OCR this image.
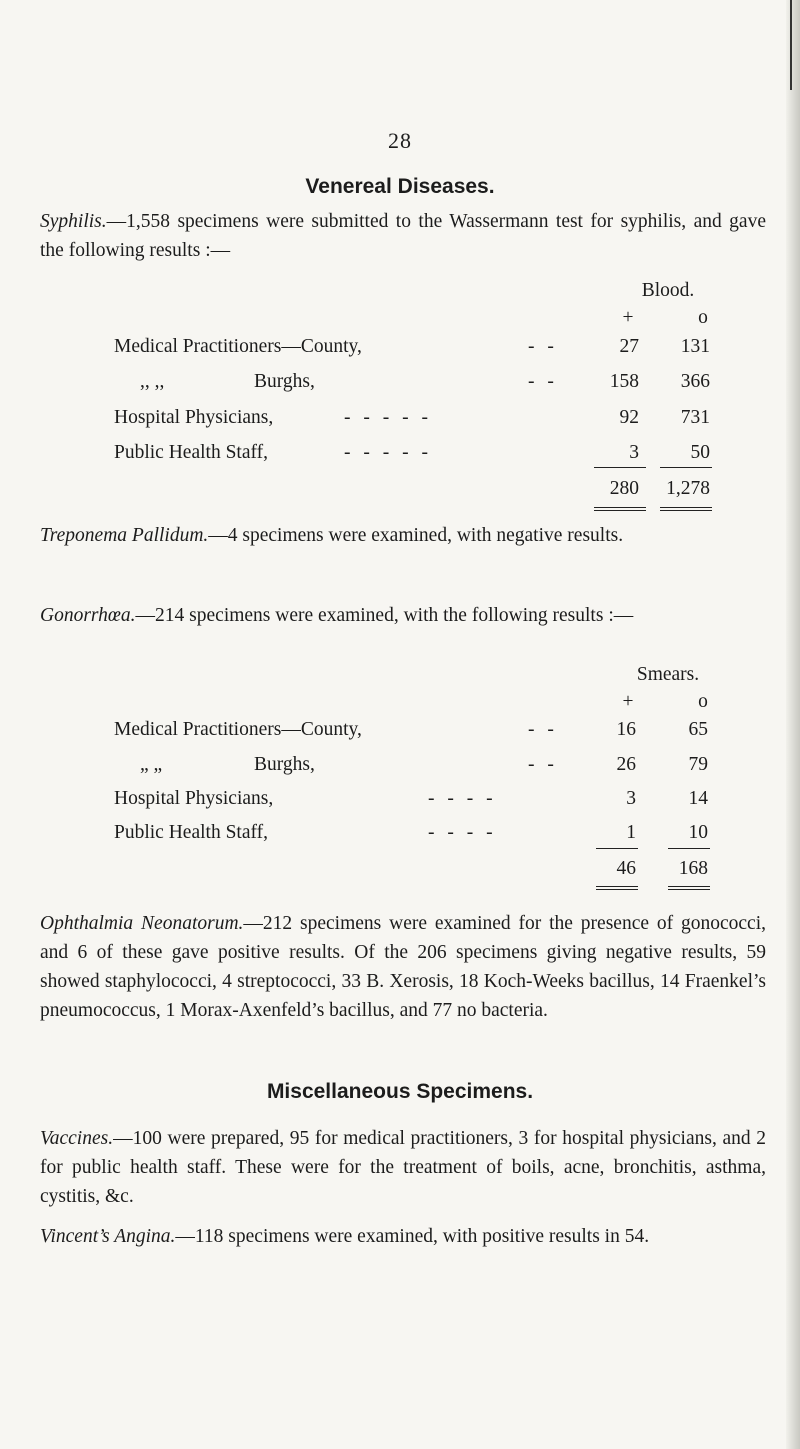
28
Venereal Diseases.

Syphilis.—1,558 specimens were submitted to the Wassermann test for syphilis, and gave the following results :—

Blood.
+	o
Medical Practitioners—County,	- -	27	131
,, ,,	Burghs,	- -	158	366
Hospital Physicians,	- - - - -	92	731
Public Health Staff,	- - - - -	3	50
280	1,278

Treponema Pallidum.—4 specimens were examined, with negative results.

Gonorrhœa.—214 specimens were examined, with the following results :—

Smears.
+	o
Medical Practitioners—County,	- -	16	65
„ „	Burghs,	- -	26	79
Hospital Physicians,	- - - -	3	14
Public Health Staff,	- - - -	1	10
46	168

Ophthalmia Neonatorum.—212 specimens were examined for the presence of gonococci, and 6 of these gave positive results. Of the 206 specimens giving negative results, 59 showed staphylococci, 4 streptococci, 33 B. Xerosis, 18 Koch-Weeks bacillus, 14 Fraenkel’s pneumococcus, 1 Morax-Axenfeld’s bacillus, and 77 no bacteria.

Miscellaneous Specimens.

Vaccines.—100 were prepared, 95 for medical practitioners, 3 for hospital physicians, and 2 for public health staff. These were for the treatment of boils, acne, bronchitis, asthma, cystitis, &c.

Vincent’s Angina.—118 specimens were examined, with positive results in 54.
